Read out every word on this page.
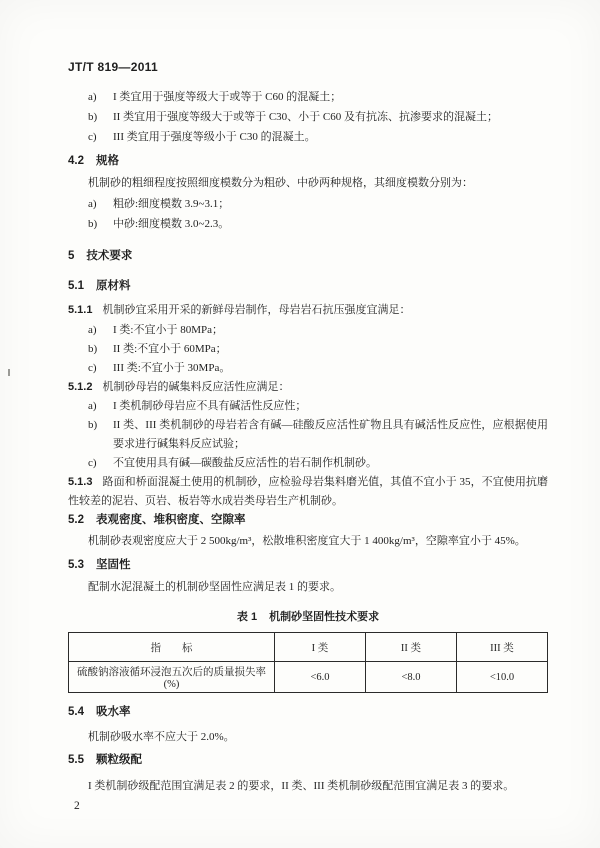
JT/T 819—2011
a)	I 类宜用于强度等级大于或等于 C60 的混凝土；
b)	II 类宜用于强度等级大于或等于 C30、小于 C60 及有抗冻、抗渗要求的混凝土；
c)	III 类宜用于强度等级小于 C30 的混凝土。
4.2 规格
机制砂的粗细程度按照细度模数分为粗砂、中砂两种规格，其细度模数分别为：
a)	粗砂:细度模数 3.9~3.1；
b)	中砂:细度模数 3.0~2.3。
5 技术要求
5.1 原材料
5.1.1 机制砂宜采用开采的新鲜母岩制作，母岩岩石抗压强度宜满足：
a)	I 类:不宜小于 80MPa；
b)	II 类:不宜小于 60MPa；
c)	III 类:不宜小于 30MPa。
5.1.2 机制砂母岩的碱集料反应活性应满足：
a)	I 类机制砂母岩应不具有碱活性反应性；
b)	II 类、III 类机制砂的母岩若含有碱—硅酸反应活性矿物且具有碱活性反应性，应根据使用要求进行碱集料反应试验；
c)	不宜使用具有碱—碳酸盐反应活性的岩石制作机制砂。
5.1.3 路面和桥面混凝土使用的机制砂，应检验母岩集料磨光值，其值不宜小于 35，不宜使用抗磨性较差的泥岩、页岩、板岩等水成岩类母岩生产机制砂。
5.2 表观密度、堆积密度、空隙率
机制砂表观密度应大于 2 500kg/m³，松散堆积密度宜大于 1 400kg/m³，空隙率宜小于 45%。
5.3 坚固性
配制水泥混凝土的机制砂坚固性应满足表 1 的要求。
表 1 机制砂坚固性技术要求
指　　标	I 类	II 类	III 类
硫酸钠溶液循环浸泡五次后的质量损失率(%)	<6.0	<8.0	<10.0
5.4 吸水率
机制砂吸水率不应大于 2.0%。
5.5 颗粒级配
I 类机制砂级配范围宜满足表 2 的要求，II 类、III 类机制砂级配范围宜满足表 3 的要求。
2
